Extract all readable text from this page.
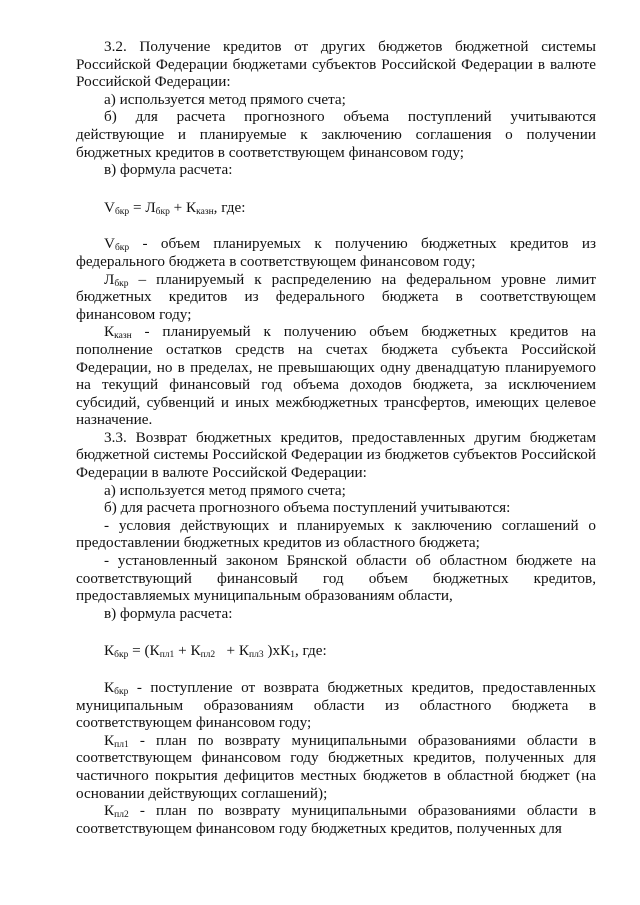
3.2. Получение кредитов от других бюджетов бюджетной системы Российской Федерации бюджетами субъектов Российской Федерации в валюте Российской Федерации:

а) используется метод прямого счета;

б) для расчета прогнозного объема поступлений учитываются действующие и планируемые к заключению соглашения о получении бюджетных кредитов в соответствующем финансовом году;

в) формула расчета:

$V_{бкр} = Л_{бкр} + К_{казн}$, где:

$V_{бкр}$ - объем планируемых к получению бюджетных кредитов из федерального бюджета в соответствующем финансовом году;

$Л_{бкр}$ – планируемый к распределению на федеральном уровне лимит бюджетных кредитов из федерального бюджета в соответствующем финансовом году;

$К_{казн}$ - планируемый к получению объем бюджетных кредитов на пополнение остатков средств на счетах бюджета субъекта Российской Федерации, но в пределах, не превышающих одну двенадцатую планируемого на текущий финансовый год объема доходов бюджета, за исключением субсидий, субвенций и иных межбюджетных трансфертов, имеющих целевое назначение.

3.3. Возврат бюджетных кредитов, предоставленных другим бюджетам бюджетной системы Российской Федерации из бюджетов субъектов Российской Федерации в валюте Российской Федерации:

а) используется метод прямого счета;

б) для расчета прогнозного объема поступлений учитываются:

- условия действующих и планируемых к заключению соглашений о предоставлении бюджетных кредитов из областного бюджета;

- установленный законом Брянской области об областном бюджете на соответствующий финансовый год объем бюджетных кредитов, предоставляемых муниципальным образованиям области,

в) формула расчета:

$К_{бкр} = (К_{пл1} + К_{пл2} + К_{пл3}$ )$хК_1$, где:

$К_{бкр}$ - поступление от возврата бюджетных кредитов, предоставленных муниципальным образованиям области из областного бюджета в соответствующем финансовом году;

$К_{пл1}$ - план по возврату муниципальными образованиями области в соответствующем финансовом году бюджетных кредитов, полученных для частичного покрытия дефицитов местных бюджетов в областной бюджет (на основании действующих соглашений);

$К_{пл2}$ - план по возврату муниципальными образованиями области в соответствующем финансовом году бюджетных кредитов, полученных для
